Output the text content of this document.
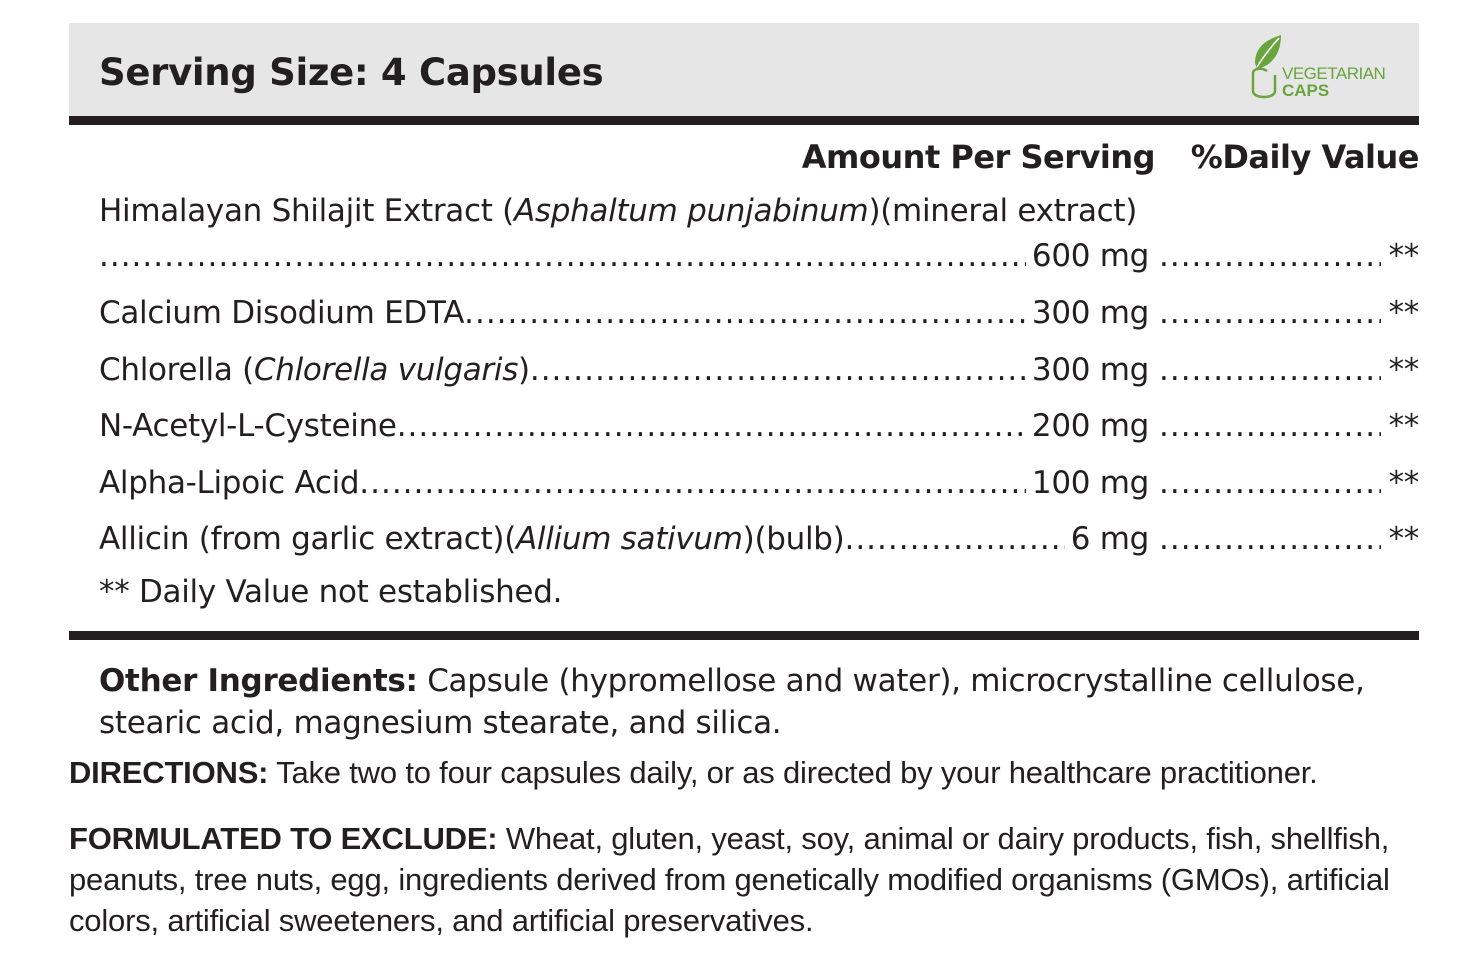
Serving Size: 4 Capsules	VEGETARIAN
CAPS
Amount Per Serving %Daily Value
Himalayan Shilajit Extract (Asphaltum punjabinum)(mineral extract)
.....
600 mg .....	**
Calcium Disodium EDTA .....	300 mg .....	**
Chlorella (Chlorella vulgaris) .....	300 mg .....	**
N-Acetyl-L-Cysteine .....	200 mg .....	**
Alpha-Lipoic Acid .....	100 mg .....	**
Allicin (from garlic extract)(Allium sativum)(bulb) .....	6 mg .....	**
** Daily Value not established.

Other Ingredients: Capsule (hypromellose and water), microcrystalline cellulose, stearic acid, magnesium stearate, and silica.

DIRECTIONS: Take two to four capsules daily, or as directed by your healthcare practitioner.

FORMULATED TO EXCLUDE: Wheat, gluten, yeast, soy, animal or dairy products, fish, shellfish, peanuts, tree nuts, egg, ingredients derived from genetically modified organisms (GMOs), artificial colors, artificial sweeteners, and artificial preservatives.
